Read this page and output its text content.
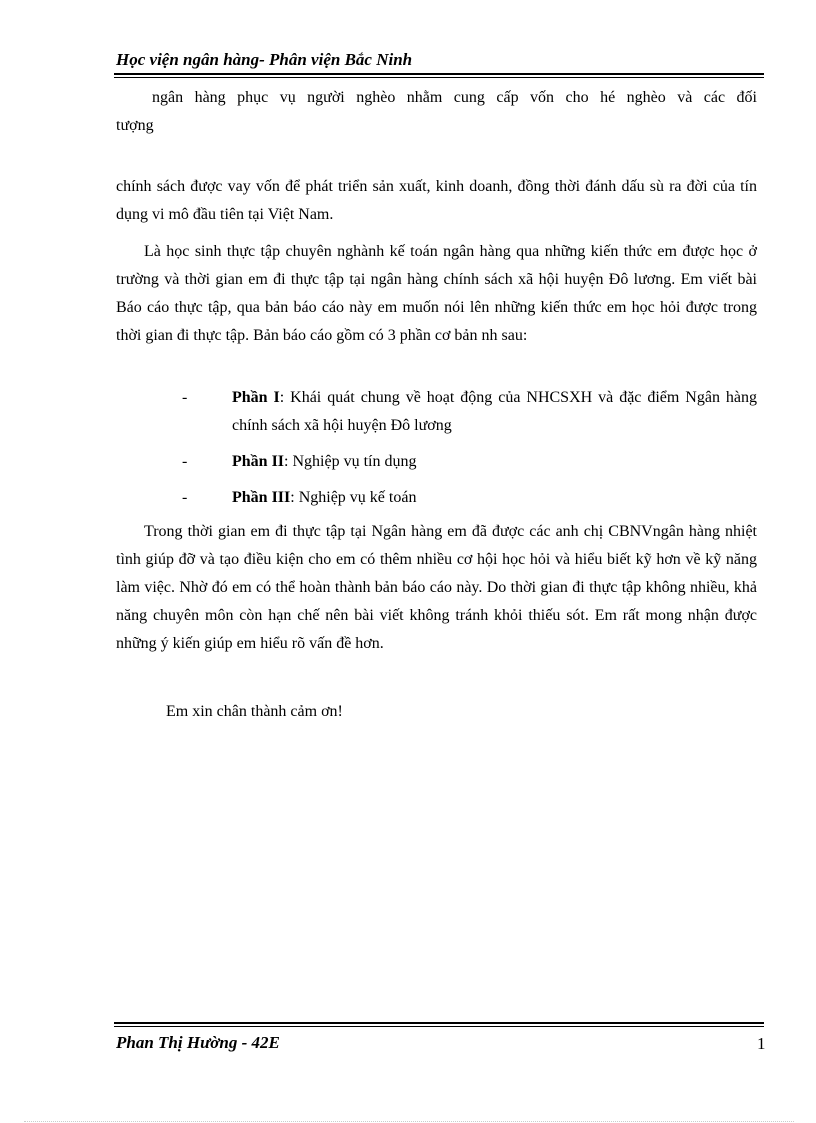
Học viện ngân hàng- Phân viện Bắc Ninh

ngân hàng phục vụ người nghèo nhằm cung cấp vốn cho hé nghèo và các đối

tượng

chính sách được vay vốn để phát triển sản xuất, kinh doanh, đồng thời đánh dấu sù ra đời của tín dụng vi mô đầu tiên tại Việt Nam.

Là học sinh thực tập chuyên nghành kế toán ngân hàng qua những kiến thức em được học ở trường và thời gian em đi thực tập tại ngân hàng chính sách xã hội huyện Đô lương. Em viết bài Báo cáo thực tập, qua bản báo cáo này em muốn nói lên những kiến thức em học hỏi được trong thời gian đi thực tập. Bản báo cáo gồm có 3 phần cơ bản nh sau:

-	Phần I: Khái quát chung về hoạt động của NHCSXH và đặc điểm Ngân hàng chính sách xã hội huyện Đô lương
-	Phần II: Nghiệp vụ tín dụng
-	Phần III: Nghiệp vụ kế toán

Trong thời gian em đi thực tập tại Ngân hàng em đã được các anh chị CBNVngân hàng nhiệt tình giúp đỡ và tạo điều kiện cho em có thêm nhiều cơ hội học hỏi và hiểu biết kỹ hơn về kỹ năng làm việc. Nhờ đó em có thể hoàn thành bản báo cáo này. Do thời gian đi thực tập không nhiều, khả năng chuyên môn còn hạn chế nên bài viết không tránh khỏi thiếu sót. Em rất mong nhận được những ý kiến giúp em hiểu rõ vấn đề hơn.

Em xin chân thành cảm ơn!

Phan Thị Hường - 42E	1
